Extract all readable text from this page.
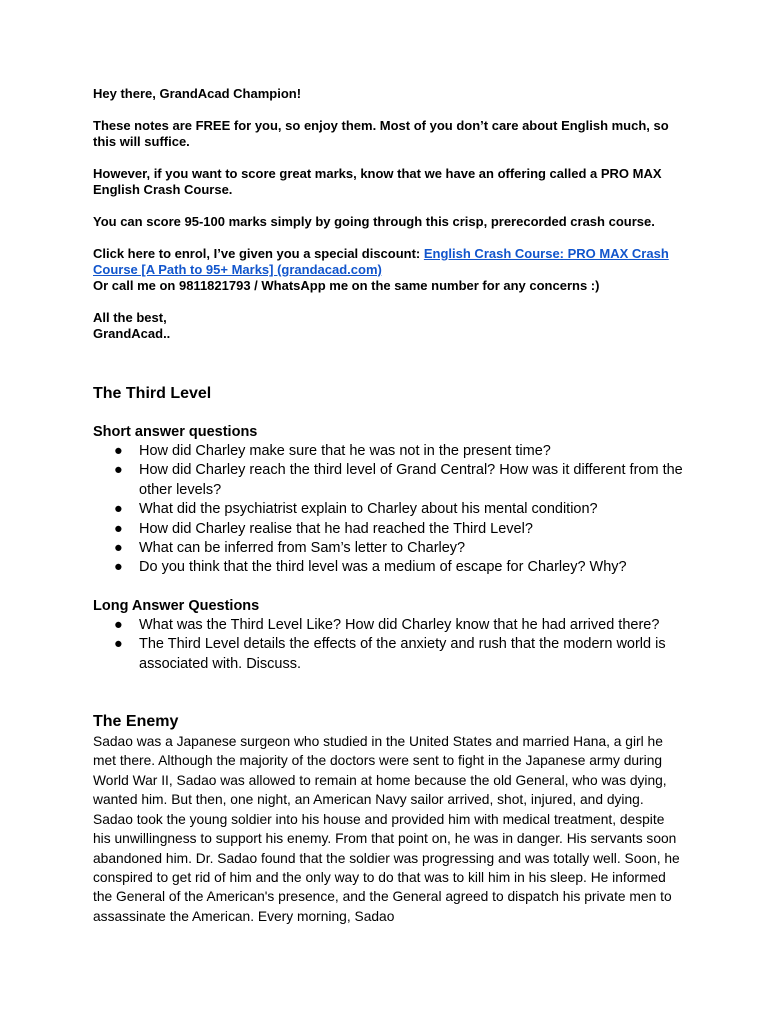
Hey there, GrandAcad Champion!

These notes are FREE for you, so enjoy them. Most of you don’t care about English much, so this will suffice.

However, if you want to score great marks, know that we have an offering called a PRO MAX English Crash Course.

You can score 95-100 marks simply by going through this crisp, prerecorded crash course.

Click here to enrol, I’ve given you a special discount: English Crash Course: PRO MAX Crash Course [A Path to 95+ Marks] (grandacad.com)

Or call me on 9811821793 / WhatsApp me on the same number for any concerns :)

All the best,

GrandAcad..

The Third Level

Short answer questions

● How did Charley make sure that he was not in the present time?
● How did Charley reach the third level of Grand Central? How was it different from the other levels?
● What did the psychiatrist explain to Charley about his mental condition?
● How did Charley realise that he had reached the Third Level?
● What can be inferred from Sam’s letter to Charley?
● Do you think that the third level was a medium of escape for Charley? Why?

Long Answer Questions

● What was the Third Level Like? How did Charley know that he had arrived there?
● The Third Level details the effects of the anxiety and rush that the modern world is associated with. Discuss.

The Enemy

Sadao was a Japanese surgeon who studied in the United States and married Hana, a girl he met there. Although the majority of the doctors were sent to fight in the Japanese army during World War II, Sadao was allowed to remain at home because the old General, who was dying, wanted him. But then, one night, an American Navy sailor arrived, shot, injured, and dying. Sadao took the young soldier into his house and provided him with medical treatment, despite his unwillingness to support his enemy. From that point on, he was in danger. His servants soon abandoned him. Dr. Sadao found that the soldier was progressing and was totally well. Soon, he conspired to get rid of him and the only way to do that was to kill him in his sleep. He informed the General of the American's presence, and the General agreed to dispatch his private men to assassinate the American. Every morning, Sadao
